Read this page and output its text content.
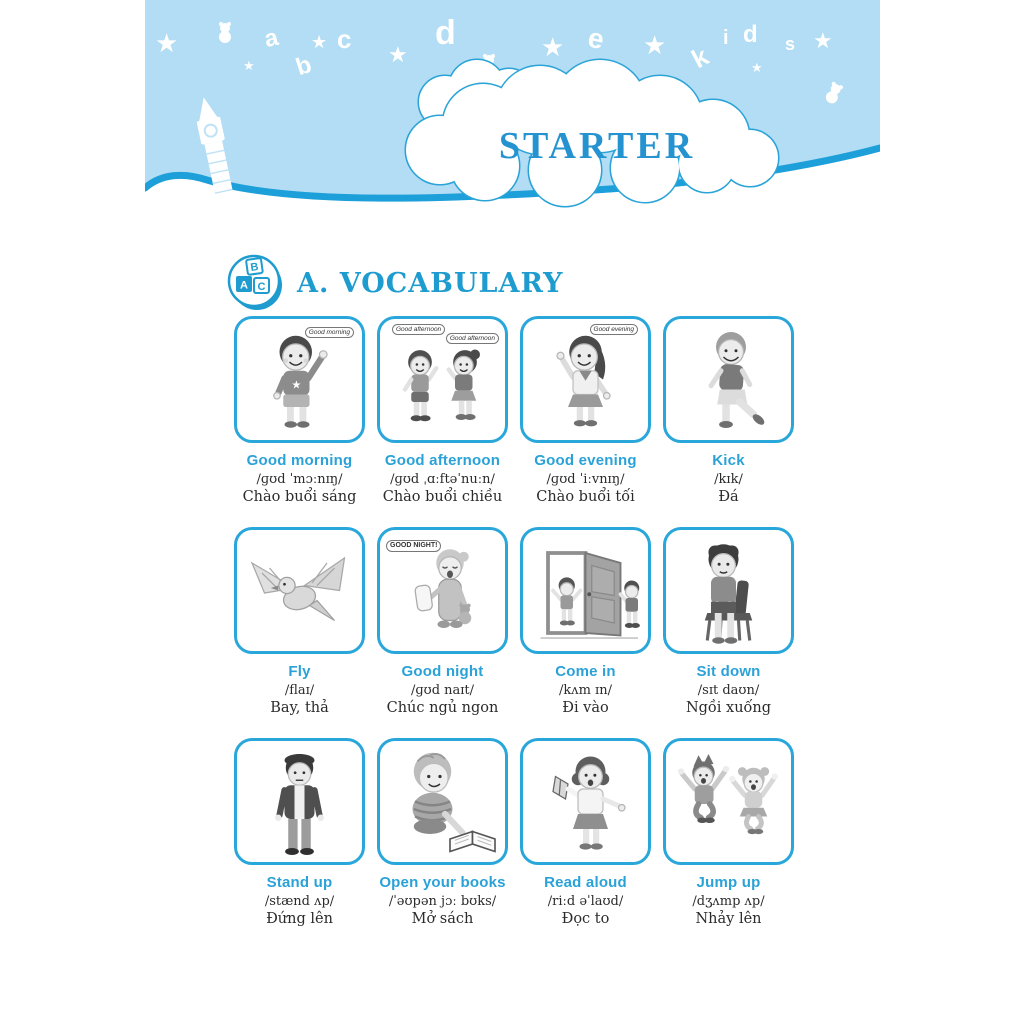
★
★
a
b
★ c
★
d	★ e ★ k
i d
★
s ★
STARTER
B
A C A. VOCABULARY
Good morning
★
Good morning
/ɡʊd ˈmɔːnɪŋ/
Chào buổi sáng
Good afternoon
Good afternoon
Good afternoon
/ɡʊd ˌɑːftəˈnuːn/
Chào buổi chiều
Good evening
Good evening
/ɡʊd ˈiːvnɪŋ/
Chào buổi tối
Kick
/kɪk/
Đá
Fly
/flaɪ/
Bay, thả
GOOD NIGHT!
Good night
/ɡʊd naɪt/
Chúc ngủ ngon
Come in
/kʌm ɪn/
Đi vào
Sit down
/sɪt daʊn/
Ngồi xuống
Stand up
/stænd ʌp/
Đứng lên
Open your books
/ˈəʊpən jɔː bʊks/
Mở sách
Read aloud
/riːd əˈlaʊd/
Đọc to
Jump up
/dʒʌmp ʌp/
Nhảy lên
